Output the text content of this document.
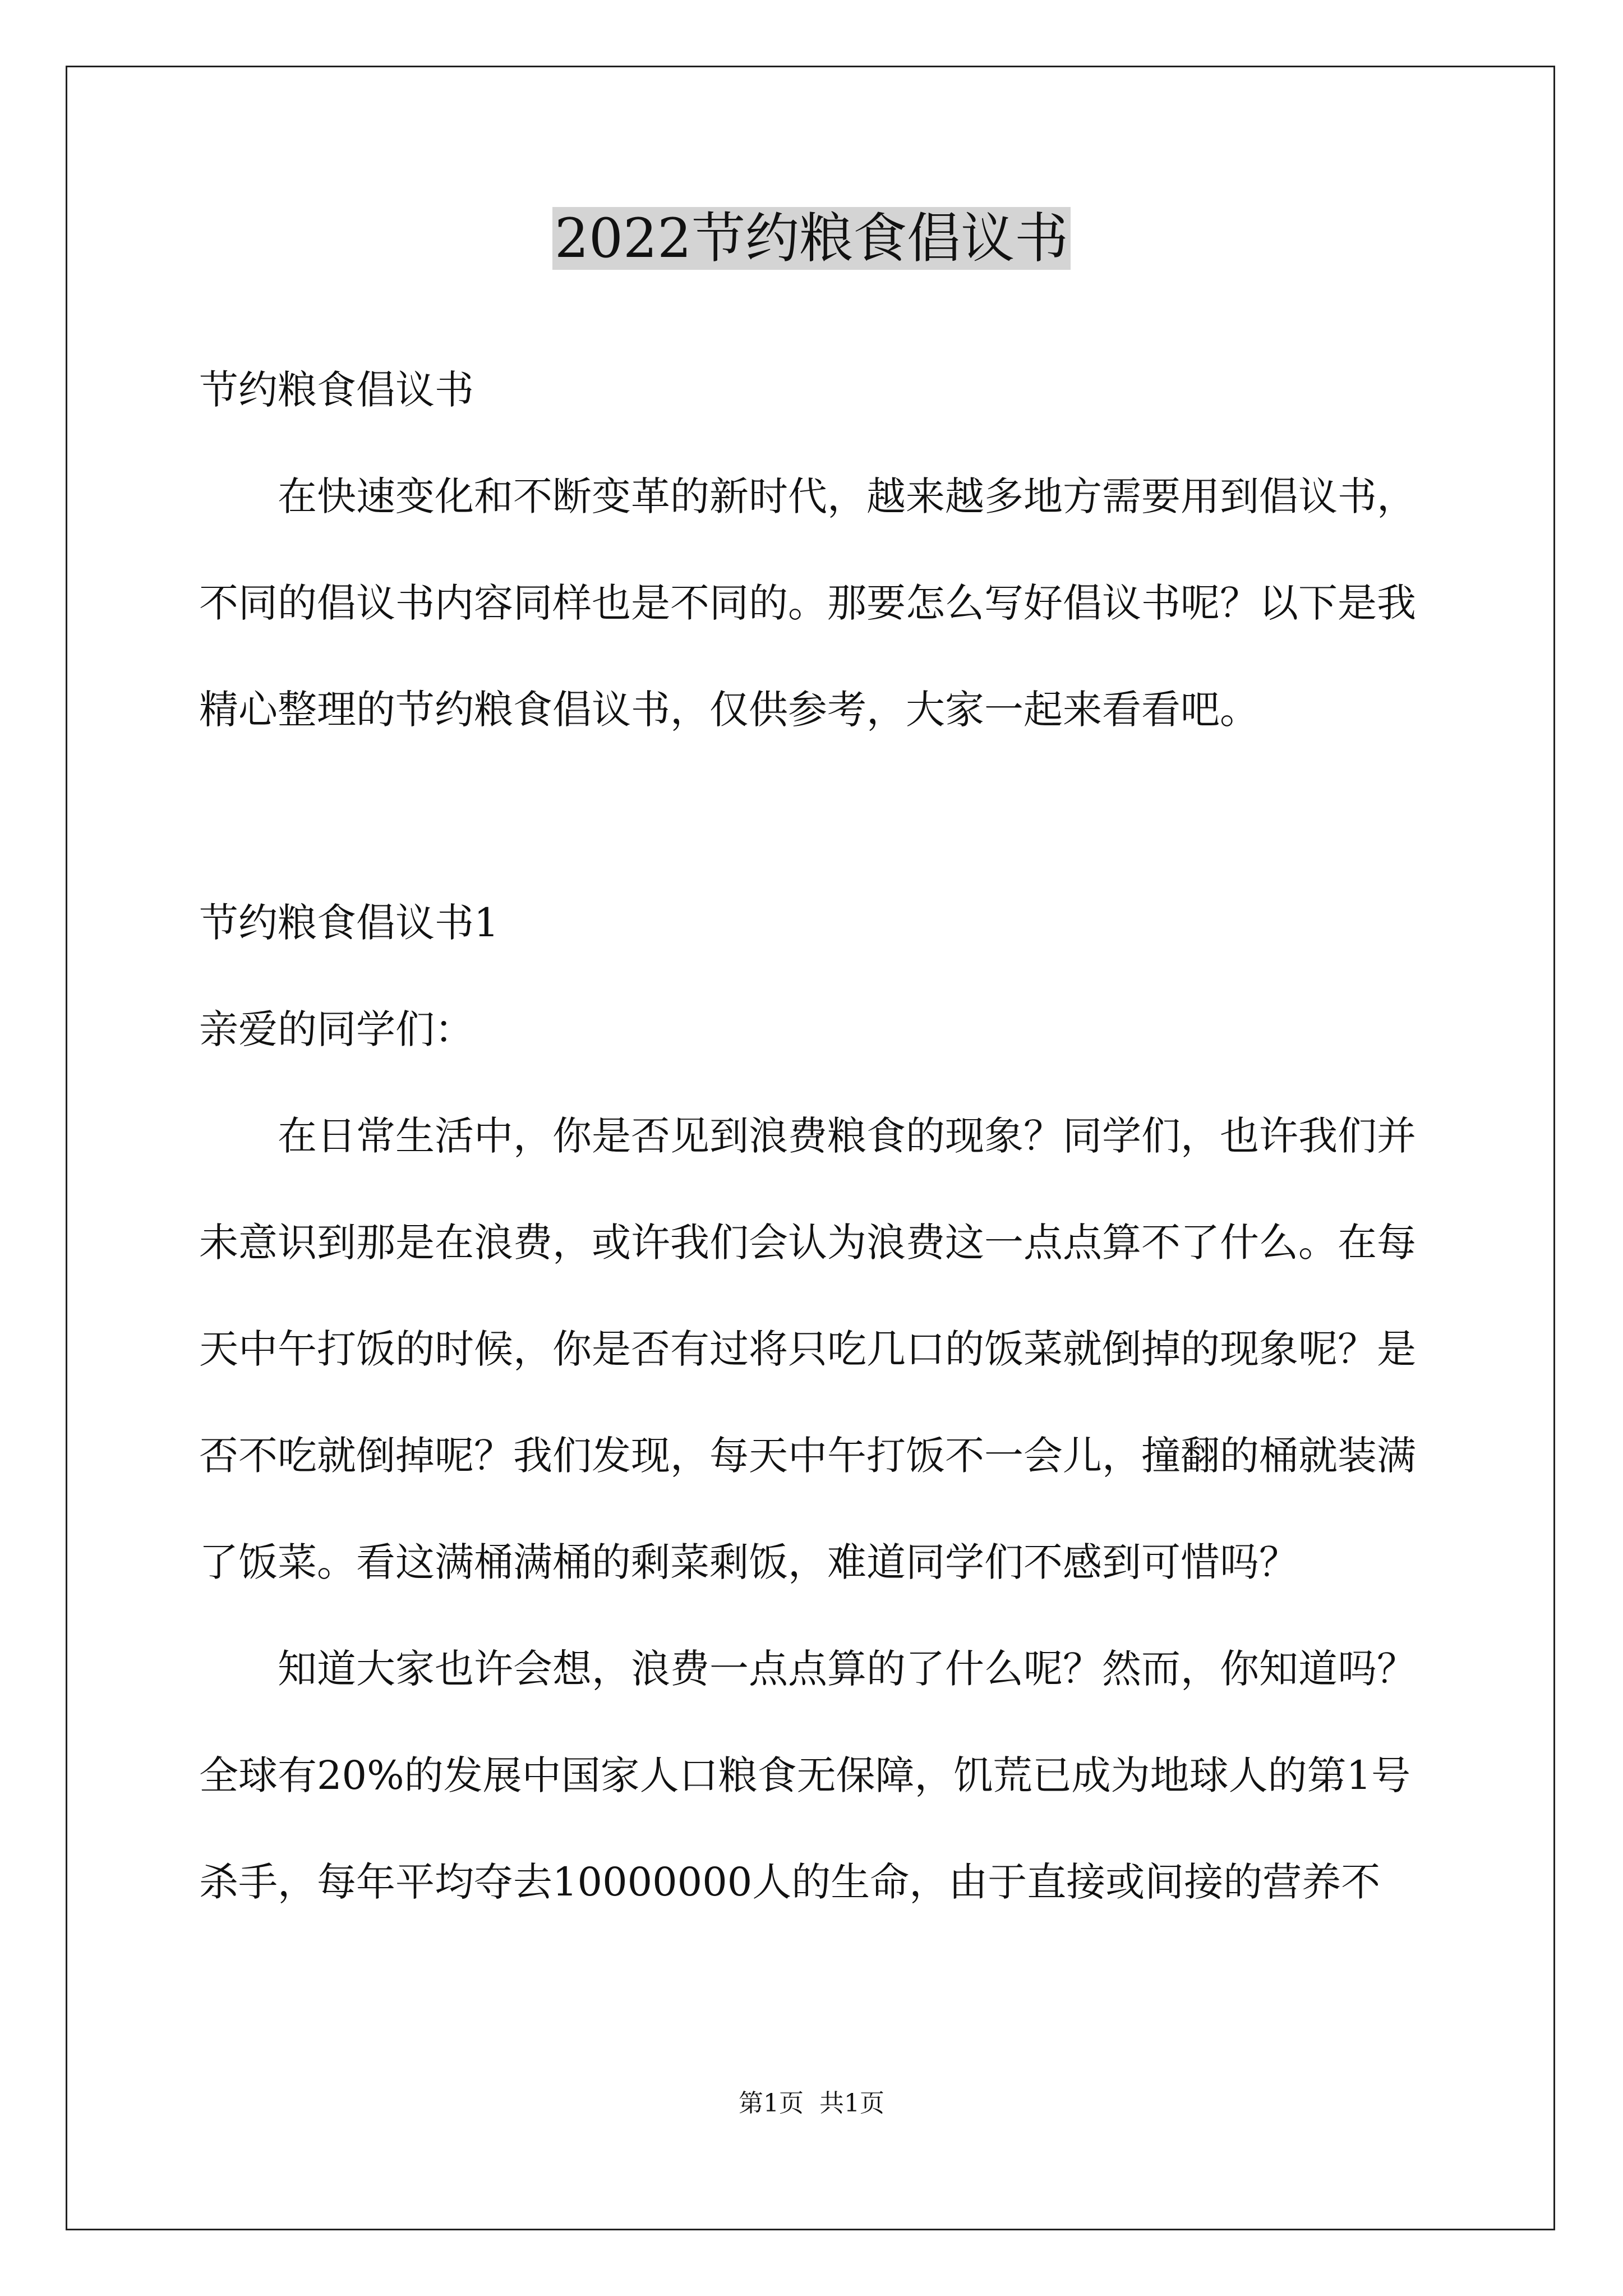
2022节约粮食倡议书

节约粮食倡议书

在快速变化和不断变革的新时代，越来越多地方需要用到倡议书，不同的倡议书内容同样也是不同的。那要怎么写好倡议书呢？以下是我精心整理的节约粮食倡议书，仅供参考，大家一起来看看吧。

节约粮食倡议书1

亲爱的同学们：

在日常生活中，你是否见到浪费粮食的现象？同学们，也许我们并未意识到那是在浪费，或许我们会认为浪费这一点点算不了什么。在每天中午打饭的时候，你是否有过将只吃几口的饭菜就倒掉的现象呢？是否不吃就倒掉呢？我们发现，每天中午打饭不一会儿，撞翻的桶就装满了饭菜。看这满桶满桶的剩菜剩饭，难道同学们不感到可惜吗？

知道大家也许会想，浪费一点点算的了什么呢？然而，你知道吗？全球有20%的发展中国家人口粮食无保障，饥荒已成为地球人的第1号杀手，每年平均夺去10000000人的生命，由于直接或间接的营养不

第1页  共1页
